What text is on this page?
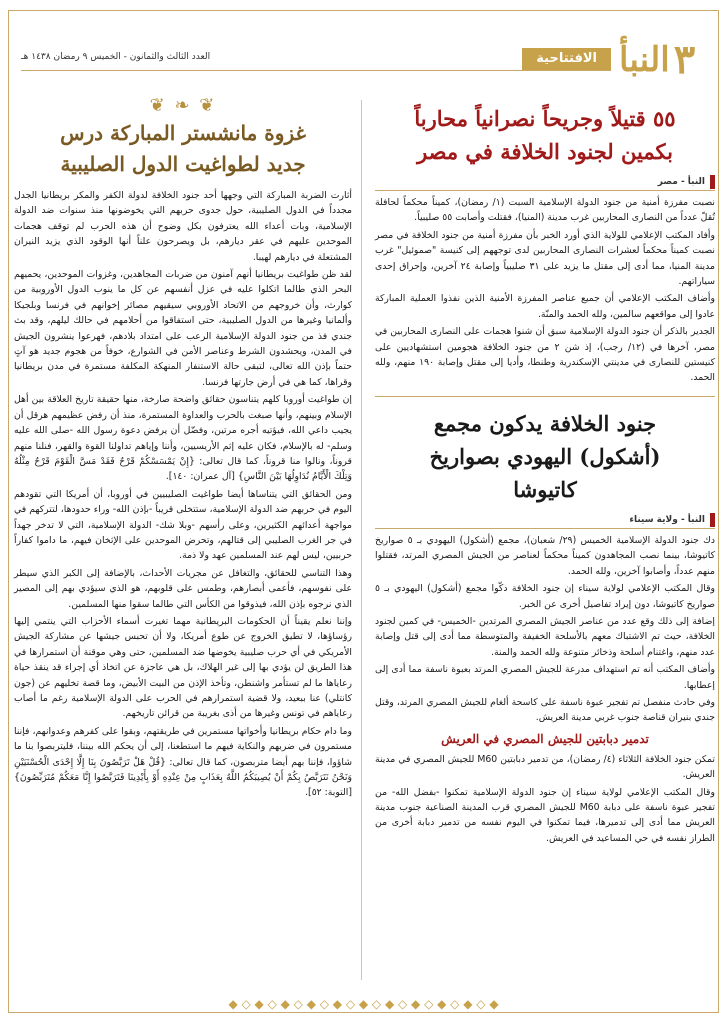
٣
النبأ
الافتتاحية
العدد الثالث والثمانون - الخميس ٩ رمضان ١٤٣٨ هـ
٥٥ قتيلاً وجريحاً نصرانياً محارباً بكمين لجنود الخلافة في مصر
النبأ - مصر

نصبت مفرزة أمنية من جنود الدولة الإسلامية السبت (١/ رمضان)، كميناً محكماً لحافلة تُقلّ عدداً من النصارى المحاربين غرب مدينة (المنيا)، فقتلت وأصابت ٥٥ صليبياً.

وأفاد المكتب الإعلامي للولاية الذي أورد الخبر بأن مفرزة أمنية من جنود الخلافة في مصر نصبت كميناً محكماً لعشرات النصارى المحاربين لدى توجههم إلى كنيسة "صموئيل" غرب مدينة المنيا، مما أدى إلى مقتل ما يزيد على ٣١ صليبياً وإصابة ٢٤ آخرين، وإحراق إحدى سياراتهم.

وأضاف المكتب الإعلامي أن جميع عناصر المفرزة الأمنية الذين نفذوا العملية المباركة عادوا إلى مواقعهم سالمين، ولله الحمد والمنّة.

الجدير بالذكر أن جنود الدولة الإسلامية سبق أن شنوا هجمات على النصارى المحاربين في مصر، آخرها في (١٢/ رجب)، إذ شن ٢ من جنود الخلافة هجومين استشهاديين على كنيستين للنصارى في مدينتي الإسكندرية وطنطا، وأديا إلى مقتل وإصابة ١٩٠ منهم، ولله الحمد.

جنود الخلافة يدكون مجمع (أشكول) اليهودي بصواريخ كاتيوشا
النبأ - ولاية سيناء

دك جنود الدولة الإسلامية الخميس (٢٩/ شعبان)، مجمع (أشكول) اليهودي بـ ٥ صواريخ كاتيوشا، بينما نصب المجاهدون كميناً محكماً لعناصر من الجيش المصري المرتد، فقتلوا منهم عدداً، وأصابوا آخرين، ولله الحمد.

وقال المكتب الإعلامي لولاية سيناء إن جنود الخلافة دكّوا مجمع (أشكول) اليهودي بـ ٥ صواريخ كاتيوشا، دون إيراد تفاصيل أخرى عن الخبر.

إضافة إلى ذلك وقع عدد من عناصر الجيش المصري المرتدين -الخميس- في كمين لجنود الخلافة، حيث تم الاشتباك معهم بالأسلحة الخفيفة والمتوسطة مما أدى إلى قتل وإصابة عدد منهم، واغتنام أسلحة وذخائر متنوعة ولله الحمد والمنة.

وأضاف المكتب أنه تم استهداف مدرعة للجيش المصري المرتد بعبوة ناسفة مما أدى إلى إعطابها.

وفي حادث منفصل تم تفجير عبوة ناسفة على كاسحة ألغام للجيش المصري المرتد، وقتل جندي بنيران قناصة جنوب غربي مدينة العريش.

تدمير دبابتين للجيش المصري في العريش

تمكن جنود الخلافة الثلاثاء (٤/ رمضان)، من تدمير دبابتين M60 للجيش المصري في مدينة العريش.

وقال المكتب الإعلامي لولاية سيناء إن جنود الدولة الإسلامية تمكنوا -بفضل الله- من تفجير عبوة ناسفة على دبابة M60 للجيش المصري قرب المدينة الصناعية جنوب مدينة العريش مما أدى إلى تدميرها، فيما تمكنوا في اليوم نفسه من تدمير دبابة أخرى من الطراز نفسه في حي المساعيد في العريش.

❦ ❧ ❦
غزوة مانشستر المباركة درس جديد لطواغيت الدول الصليبية

أثارت الضربة المباركة التي وجهها أحد جنود الخلافة لدولة الكفر والمكر بريطانيا الجدل مجدداً في الدول الصليبية، حول جدوى حربهم التي يخوضونها منذ سنوات ضد الدولة الإسلامية، وبات أعداء الله يعترفون بكل وضوح أن هذه الحرب لم توقف هجمات الموحدين عليهم في عقر ديارهم، بل ويصرحون علناً أنها الوقود الذي يزيد النيران المشتعلة في ديارهم لهيبا.

لقد ظن طواغيت بريطانيا أنهم آمنون من ضربات المجاهدين، وغزوات الموحدين، يحميهم البحر الذي طالما اتكلوا عليه في عزل أنفسهم عن كل ما ينوب الدول الأوروبية من كوارث، وأن خروجهم من الاتحاد الأوروبي سيقيهم مصائر إخوانهم في فرنسا وبلجيكا وألمانيا وغيرها من الدول الصليبية، حتى استفاقوا من أحلامهم في حالك ليلهم، وقد بث جندي فذ من جنود الدولة الإسلامية الرعب على امتداد بلادهم، فهرعوا ينشرون الجيش في المدن، ويحشدون الشرط وعناصر الأمن في الشوارع، خوفاً من هجوم جديد هو آتٍ حتماً بإذن الله تعالى، لتبقى حالة الاستنفار المنهكة المكلفة مستمرة في مدن بريطانيا وقراها، كما هي في أرض جارتها فرنسا.

إن طواغيت أوروبا كلهم يتناسون حقائق واضحة صارخة، منها حقيقة تاريخ العلاقة بين أهل الإسلام وبينهم، وأنها صبغت بالحرب والعداوة المستمرة، منذ أن رفض عظيمهم هرقل أن يجيب داعي الله، فيؤتيه أجره مرتين، وفضّل أن يرفض دعوة رسول الله -صلى الله عليه وسلم- له بالإسلام، فكان عليه إثم الأريسيين، وأننا وإياهم تداولنا القوة والقهر، فنلنا منهم قروناً، ونالوا منا قروناً، كما قال تعالى: {إِنْ يَمْسَسْكُمْ قَرْحٌ فَقَدْ مَسَّ الْقَوْمَ قَرْحٌ مِثْلُهُ وَتِلْكَ الْأَيَّامُ نُدَاوِلُهَا بَيْنَ النَّاسِ} [آل عمران: ١٤٠].

ومن الحقائق التي يتناساها أيضا طواغيت الصليبيين في أوروبا، أن أمريكا التي تقودهم اليوم في حربهم ضد الدولة الإسلامية، ستتخلى قريباً -بإذن الله- وراء حدودها، لتتركهم في مواجهة أعدائهم الكثيرين، وعلى رأسهم -وبلا شك- الدولة الإسلامية، التي لا تدخر جهداً في جر الغرب الصليبي إلى قتالهم، وتحرض الموحدين على الإثخان فيهم، ما داموا كفاراً حربيين، ليس لهم عند المسلمين عهد ولا ذمة.

وهذا التناسي للحقائق، والتغافل عن مجريات الأحداث، بالإضافة إلى الكبر الذي سيطر على نفوسهم، فأعمى أبصارهم، وطمس على قلوبهم، هو الذي سيؤدي بهم إلى المصير الذي نرجوه بإذن الله، فيذوقوا من الكأس التي طالما سقوا منها المسلمين.

وإننا نعلم يقيناً أن الحكومات البريطانية مهما تغيرت أسماء الأحزاب التي ينتمي إليها رؤساؤها، لا تطيق الخروج عن طوع أمريكا، ولا أن تحبس جيشها عن مشاركة الجيش الأمريكي في أي حرب صليبية يخوضها ضد المسلمين، حتى وهي موقنة أن استمرارها في هذا الطريق لن يؤدي بها إلى غير الهلاك، بل هي عاجزة عن اتخاذ أي إجراء قد ينقذ حياة رعاياها ما لم تستأمر واشنطن، وتأخذ الإذن من البيت الأبيض، وما قصة تخليهم عن (جون كانتلي) عنا ببعيد، ولا قضية استمرارهم في الحرب على الدولة الإسلامية رغم ما أصاب رعاياهم في تونس وغيرها من أذى بغريبة من قرائن تاريخهم.

وما دام حكام بريطانيا وأخواتها مستمرين في طريقتهم، وبقوا على كفرهم وعدوانهم، فإننا مستمرون في ضربهم والنكاية فيهم ما استطعنا، إلى أن يحكم الله بيننا، فليتربصوا بنا ما شاؤوا، فإننا بهم أيضا متربصون، كما قال تعالى: {قُلْ هَلْ تَرَبَّصُونَ بِنَا إِلَّا إِحْدَى الْحُسْنَيَيْنِ وَنَحْنُ نَتَرَبَّصُ بِكُمْ أَنْ يُصِيبَكُمُ اللَّهُ بِعَذَابٍ مِنْ عِنْدِهِ أَوْ بِأَيْدِينَا فَتَرَبَّصُوا إِنَّا مَعَكُمْ مُتَرَبِّصُونَ} [التوبة: ٥٢].

◆ ◇ ◆ ◇ ◆ ◇ ◆ ◇ ◆ ◇ ◆ ◇ ◆ ◇ ◆ ◇ ◆ ◇ ◆ ◇ ◆
